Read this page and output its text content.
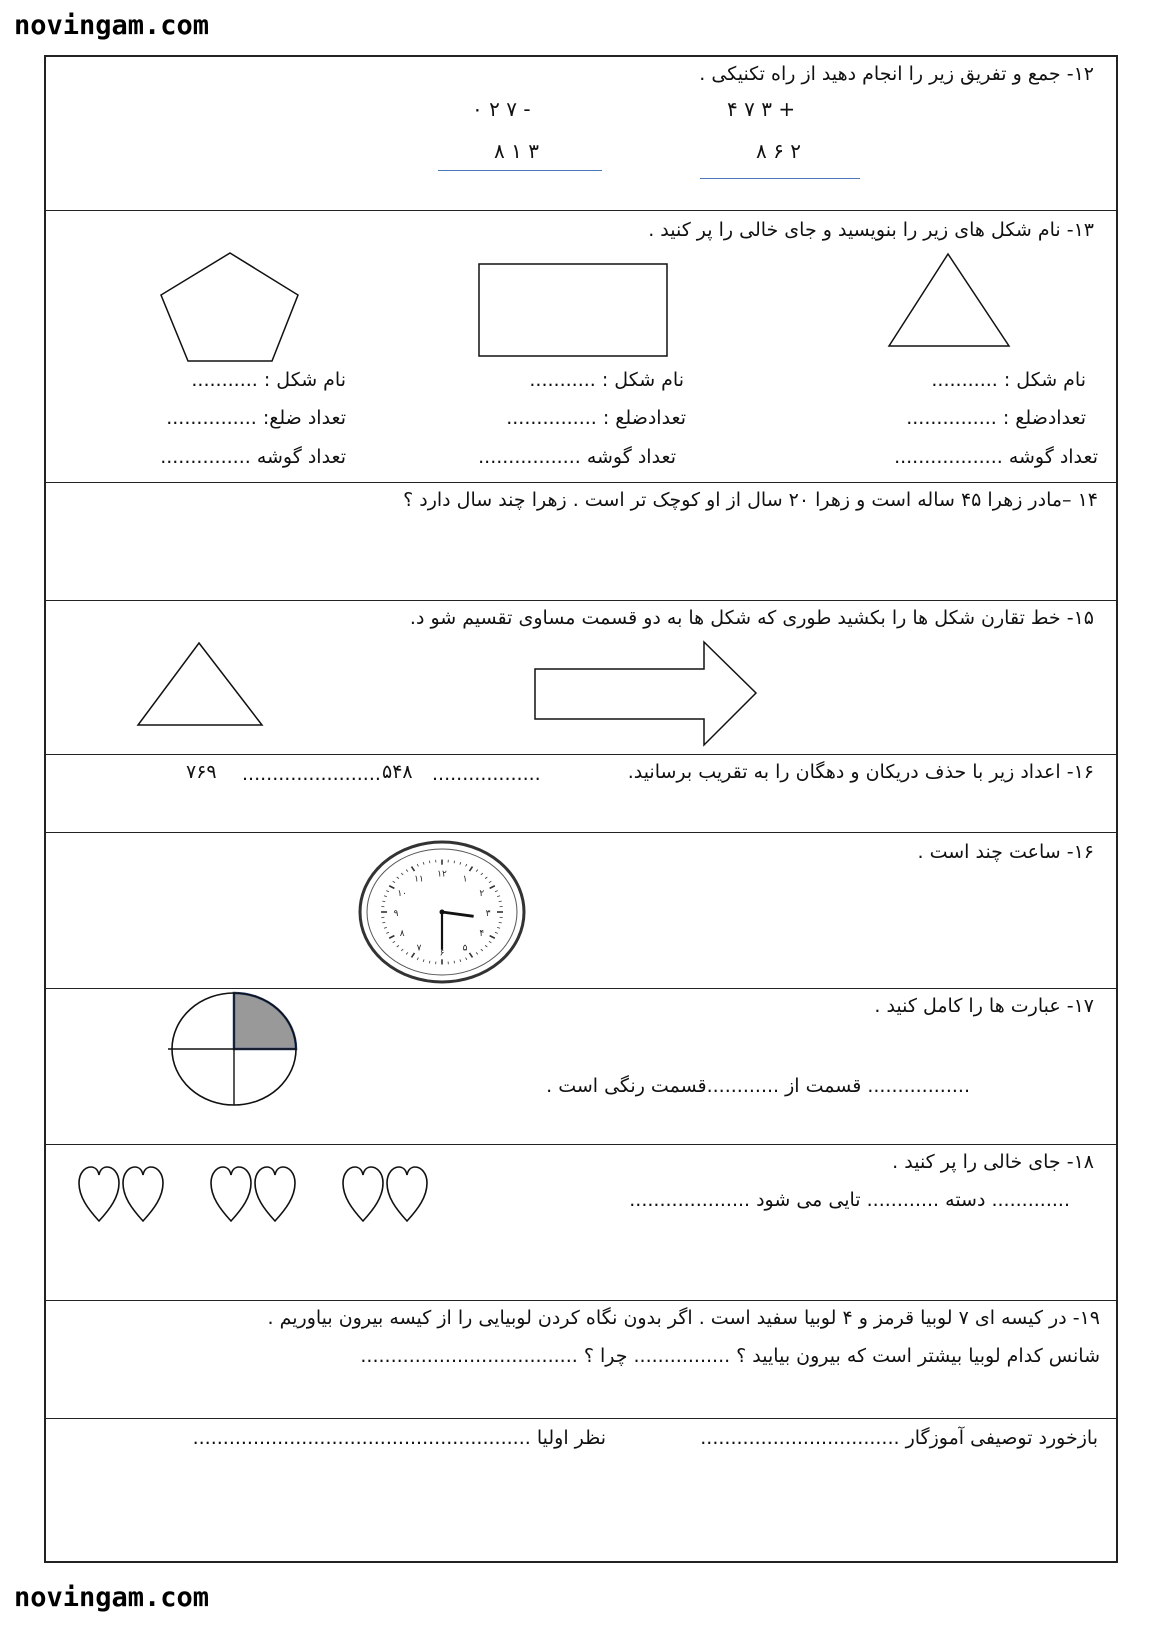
novingam.com
۱۲- جمع و تفریق زیر را انجام دهید از راه تکنیکی .
- ۷ ۲ ۰
۳ ۱ ۸
+ ۳ ۷ ۴
۲ ۶ ۸
۱۳- نام شکل های زیر را بنویسید و جای خالی را پر کنید .
نام شکل : ...........
تعدادضلع : ...............
تعداد گوشه ..................
نام شکل : ...........
تعدادضلع : ...............
تعداد گوشه .................
نام شکل : ...........
تعداد ضلع: ...............
تعداد گوشه ...............
۱۴ –مادر زهرا ۴۵ ساله است و زهرا ۲۰ سال از او کوچک تر است . زهرا چند سال دارد ؟
۱۵- خط تقارن شکل ها را بکشید طوری که شکل ها به دو قسمت مساوی تقسیم شو د.
۱۶- اعداد زیر با حذف دریکان و دهگان را به تقریب برسانید.
۵۴۸ ..................
۷۶۹ .......................
۱۶- ساعت چند است .
۱۲
۱
۲
۳
۴
۵
۶
۷
۸
۹
۱۰
۱۱
۱۷- عبارت ها را کامل کنید .
................. قسمت از ............قسمت رنگی است .
۱۸- جای خالی را پر کنید .
............. دسته ............ تایی می شود ....................
۱۹- در کیسه ای ۷ لوبیا قرمز و ۴ لوبیا سفید است . اگر بدون نگاه کردن لوبیایی را از کیسه بیرون بیاوریم .
شانس کدام لوبیا بیشتر است که بیرون بیایید ؟ ................ چرا ؟ ....................................
بازخورد توصیفی آموزگار .................................
نظر اولیا ........................................................
novingam.com
